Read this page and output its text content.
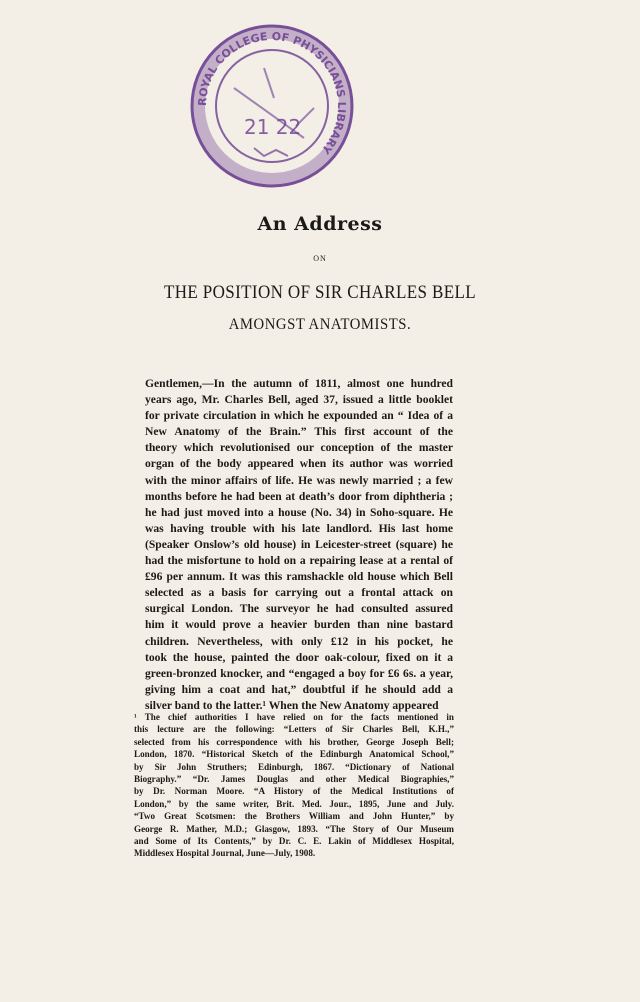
ROYAL COLLEGE OF PHYSICIANS LIBRARY
21 22
An Address
ON
THE POSITION OF SIR CHARLES BELL
AMONGST ANATOMISTS.
Gentlemen,—In the autumn of 1811, almost one hundred
years ago, Mr. Charles Bell, aged 37, issued a little booklet
for private circulation in which he expounded an “ Idea of a
New Anatomy of the Brain.” This first account of the
theory which revolutionised our conception of the master
organ of the body appeared when its author was worried
with the minor affairs of life. He was newly married ; a few
months before he had been at death’s door from diphtheria ;
he had just moved into a house (No. 34) in Soho-square. He
was having trouble with his late landlord. His last home
(Speaker Onslow’s old house) in Leicester-street (square) he
had the misfortune to hold on a repairing lease at a rental of
£96 per annum. It was this ramshackle old house which Bell
selected as a basis for carrying out a frontal attack on
surgical London. The surveyor he had consulted assured
him it would prove a heavier burden than nine bastard
children. Nevertheless, with only £12 in his pocket, he
took the house, painted the door oak-colour, fixed on it a
green-bronzed knocker, and “engaged a boy for £6 6s. a year,
giving him a coat and hat,” doubtful if he should add a
silver band to the latter.¹ When the New Anatomy appeared
¹ The chief authorities I have relied on for the facts mentioned in
this lecture are the following: “Letters of Sir Charles Bell, K.H.,”
selected from his correspondence with his brother, George Joseph Bell;
London, 1870. “Historical Sketch of the Edinburgh Anatomical School,”
by Sir John Struthers; Edinburgh, 1867. “Dictionary of National
Biography.” “Dr. James Douglas and other Medical Biographies,”
by Dr. Norman Moore. “A History of the Medical Institutions of
London,” by the same writer, Brit. Med. Jour., 1895, June and July.
“Two Great Scotsmen: the Brothers William and John Hunter,” by
George R. Mather, M.D.; Glasgow, 1893. “The Story of Our Museum
and Some of Its Contents,” by Dr. C. E. Lakin of Middlesex Hospital,
Middlesex Hospital Journal, June—July, 1908.
